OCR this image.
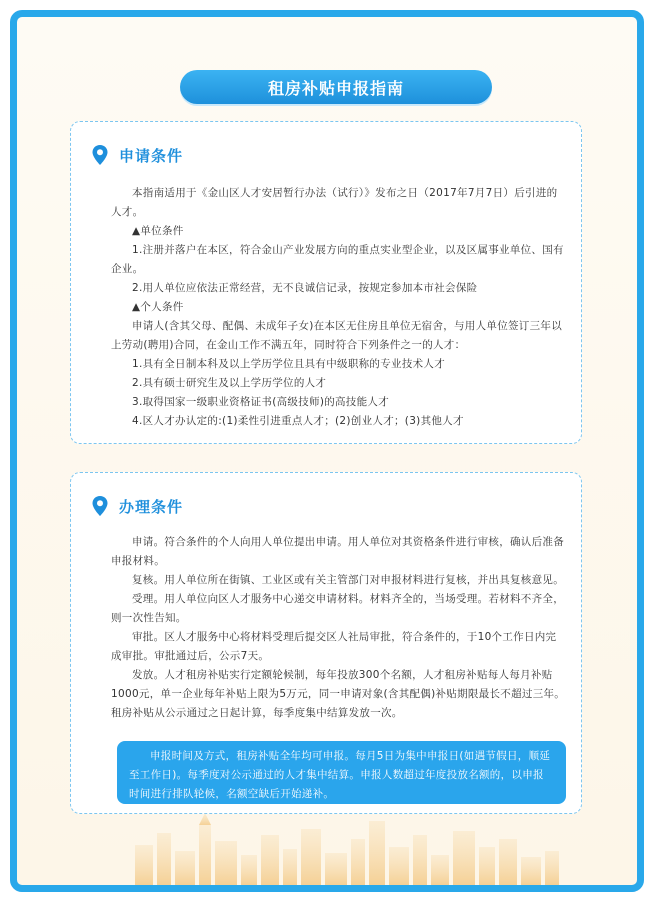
租房补贴申报指南
申请条件

本指南适用于《金山区人才安居暂行办法（试行）》发布之日（2017年7月7日）后引进的人才。

▲单位条件

1.注册并落户在本区，符合金山产业发展方向的重点实业型企业，以及区属事业单位、国有企业。

2.用人单位应依法正常经营，无不良诚信记录，按规定参加本市社会保险

▲个人条件

申请人(含其父母、配偶、未成年子女)在本区无住房且单位无宿舍，与用人单位签订三年以上劳动(聘用)合同，在金山工作不满五年，同时符合下列条件之一的人才：

1.具有全日制本科及以上学历学位且具有中级职称的专业技术人才

2.具有硕士研究生及以上学历学位的人才

3.取得国家一级职业资格证书(高级技师)的高技能人才

4.区人才办认定的:(1)柔性引进重点人才；(2)创业人才；(3)其他人才

办理条件

申请。符合条件的个人向用人单位提出申请。用人单位对其资格条件进行审核，确认后准备申报材料。

复核。用人单位所在街镇、工业区或有关主管部门对申报材料进行复核，并出具复核意见。

受理。用人单位向区人才服务中心递交申请材料。材料齐全的，当场受理。若材料不齐全，则一次性告知。

审批。区人才服务中心将材料受理后提交区人社局审批，符合条件的，于10个工作日内完成审批。审批通过后，公示7天。

发放。人才租房补贴实行定额轮候制，每年投放300个名额，人才租房补贴每人每月补贴1000元，单一企业每年补贴上限为5万元，同一申请对象(含其配偶)补贴期限最长不超过三年。租房补贴从公示通过之日起计算，每季度集中结算发放一次。

申报时间及方式，租房补贴全年均可申报。每月5日为集中申报日(如遇节假日，顺延至工作日)。每季度对公示通过的人才集中结算。申报人数超过年度投放名额的，以申报时间进行排队轮候，名额空缺后开始递补。
